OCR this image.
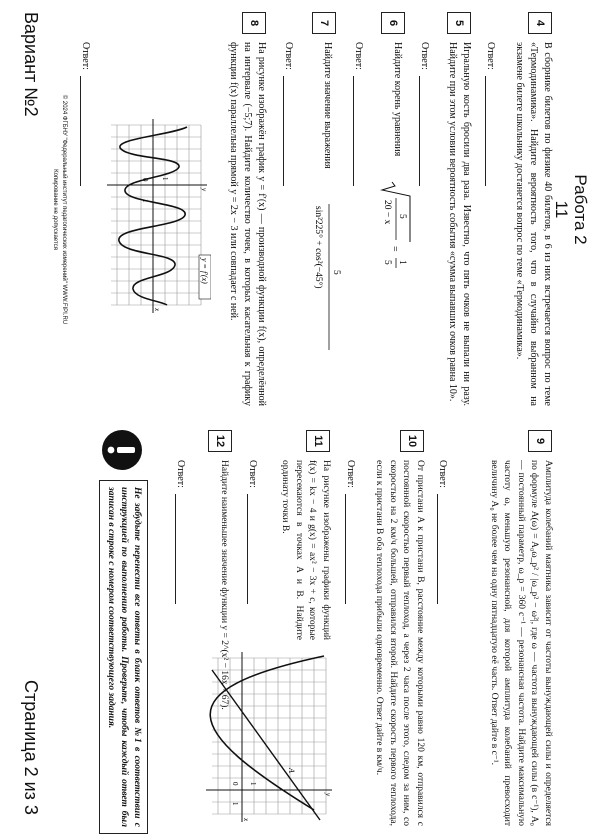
Работа 2
11
4
В сборнике билетов по физике 40 билетов, в 6 из них встречается вопрос по теме «Термодинамика». Найдите вероятность того, что в случайно выбранном на экзамене билете школьнику достанется вопрос по теме «Термодинамика».
Ответ:
5
Игральную кость бросили два раза. Известно, что пять очков не выпали ни разу. Найдите при этом условии вероятность события «сумма выпавших очков равна 10».
Ответ:
6
Найдите корень уравнения
5
20 − x
=
1
5
Ответ:
7
Найдите значение выражения
5
sin²225° + cos²(−45°)
Ответ:
8
На рисунке изображён график y = f′(x) — производной функции f(x), определённой на интервале (−5;7). Найдите количество точек, в которых касательная к графику функции f(x) параллельна прямой y = 2x − 3 или совпадает с ней.
y = f′(x)
0
1
1
x
y
Ответ:
© 2024 ФГБНУ "Федеральный институт педагогических измерений" WWW.FIPI.RU
Копирование не допускается
Вариант №2
9
Амплитуда колебаний маятника зависит от частоты вынуждающей силы и определяется по формуле A(ω) = A₀ω_p² / |ω_p² − ω²|, где ω — частота вынуждающей силы (в с⁻¹), A₀ — постоянный параметр, ω_p = 360 с⁻¹ — резонансная частота. Найдите максимальную частоту ω, меньшую резонансной, для которой амплитуда колебаний превосходит величину A₀ не более чем на одну пятнадцатую её часть. Ответ дайте в с⁻¹.
Ответ:
10
От пристани A к пристани B, расстояние между которыми равно 120 км, отправился с постоянной скоростью первый теплоход, а через 2 часа после этого, следом за ним, со скоростью на 2 км/ч большей, отправился второй. Найдите скорость первого теплохода, если к пристани B оба теплохода прибыли одновременно. Ответ дайте в км/ч.
Ответ:
11
На рисунке изображены графики функций f(x) = kx − 4 и g(x) = ax² − 3x + c, которые пересекаются в точках A и B. Найдите ординату точки B.
A
0
1
1
x
y
Ответ:
12
Найдите наименьшее значение функции y = 2^(x² − 16x + 67).
Ответ:
Не забудьте перенести все ответы в бланк ответов №1 в соответствии с инструкцией по выполнению работы. Проверьте, чтобы каждый ответ был записан в строке с номером соответствующего задания.
Страница 2 из 3
